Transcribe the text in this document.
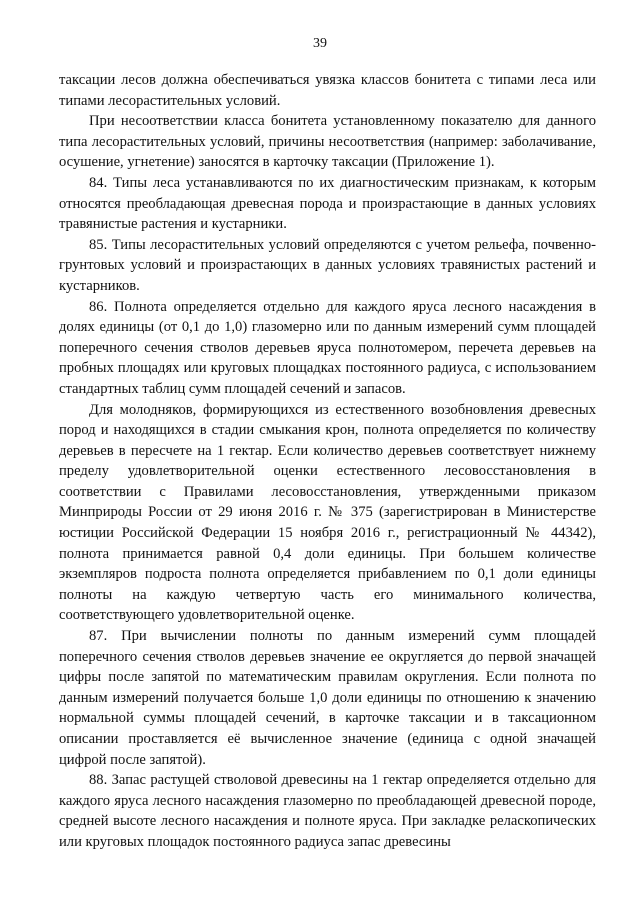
39

таксации лесов должна обеспечиваться увязка классов бонитета с типами леса или типами лесорастительных условий.

При несоответствии класса бонитета установленному показателю для данного типа лесорастительных условий, причины несоответствия (например: заболачивание, осушение, угнетение) заносятся в карточку таксации (Приложение 1).

84. Типы леса устанавливаются по их диагностическим признакам, к которым относятся преобладающая древесная порода и произрастающие в данных условиях травянистые растения и кустарники.

85. Типы лесорастительных условий определяются с учетом рельефа, почвенно-грунтовых условий и произрастающих в данных условиях травянистых растений и кустарников.

86. Полнота определяется отдельно для каждого яруса лесного насаждения в долях единицы (от 0,1 до 1,0) глазомерно или по данным измерений сумм площадей поперечного сечения стволов деревьев яруса полнотомером, перечета деревьев на пробных площадях или круговых площадках постоянного радиуса, с использованием стандартных таблиц сумм площадей сечений и запасов.

Для молодняков, формирующихся из естественного возобновления древесных пород и находящихся в стадии смыкания крон, полнота определяется по количеству деревьев в пересчете на 1 гектар. Если количество деревьев соответствует нижнему пределу удовлетворительной оценки естественного лесовосстановления в соответствии с Правилами лесовосстановления, утвержденными приказом Минприроды России от 29 июня 2016 г. № 375 (зарегистрирован в Министерстве юстиции Российской Федерации 15 ноября 2016 г., регистрационный № 44342), полнота принимается равной 0,4 доли единицы. При большем количестве экземпляров подроста полнота определяется прибавлением по 0,1 доли единицы полноты на каждую четвертую часть его минимального количества, соответствующего удовлетворительной оценке.

87. При вычислении полноты по данным измерений сумм площадей поперечного сечения стволов деревьев значение ее округляется до первой значащей цифры после запятой по математическим правилам округления. Если полнота по данным измерений получается больше 1,0 доли единицы по отношению к значению нормальной суммы площадей сечений, в карточке таксации и в таксационном описании проставляется её вычисленное значение (единица с одной значащей цифрой после запятой).

88. Запас растущей стволовой древесины на 1 гектар определяется отдельно для каждого яруса лесного насаждения глазомерно по преобладающей древесной породе, средней высоте лесного насаждения и полноте яруса. При закладке реласкопических или круговых площадок постоянного радиуса запас древесины
